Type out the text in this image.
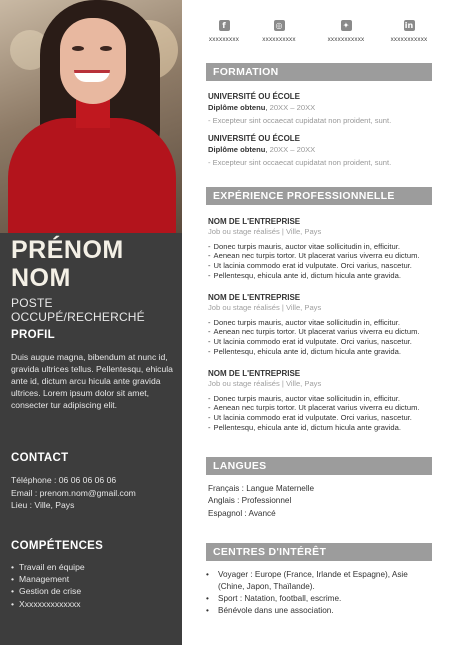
PRÉNOM
NOM
POSTE OCCUPÉ/RECHERCHÉ
PROFIL
Duis augue magna, bibendum at nunc id, gravida ultrices tellus. Pellentesqu, ehicula ante id, dictum arcu hicula ante gravida ultrices. Lorem ipsum dolor sit amet, consecter tur adipiscing elit.
CONTACT
Téléphone : 06 06 06 06 06
Email : prenom.nom@gmail.com
Lieu : Ville, Pays
COMPÉTENCES
• Travail en équipe
• Management
• Gestion de crise
• Xxxxxxxxxxxxxx
f
xxxxxxxxx
◎
xxxxxxxxxx
✦
xxxxxxxxxxx
in
xxxxxxxxxxx
FORMATION
UNIVERSITÉ OU ÉCOLE
Diplôme obtenu, 20XX – 20XX
- Excepteur sint occaecat cupidatat non proident, sunt.
UNIVERSITÉ OU ÉCOLE
Diplôme obtenu, 20XX – 20XX
- Excepteur sint occaecat cupidatat non proident, sunt.
EXPÉRIENCE PROFESSIONNELLE
NOM DE L'ENTREPRISE
Job ou stage réalisés | Ville, Pays
- Donec turpis mauris, auctor vitae sollicitudin in, efficitur.
- Aenean nec turpis tortor. Ut placerat varius viverra eu dictum.
- Ut lacinia commodo erat id vulputate. Orci varius, nascetur.
- Pellentesqu, ehicula ante id, dictum hicula ante gravida.
NOM DE L'ENTREPRISE
Job ou stage réalisés | Ville, Pays
- Donec turpis mauris, auctor vitae sollicitudin in, efficitur.
- Aenean nec turpis tortor. Ut placerat varius viverra eu dictum.
- Ut lacinia commodo erat id vulputate. Orci varius, nascetur.
- Pellentesqu, ehicula ante id, dictum hicula ante gravida.
NOM DE L'ENTREPRISE
Job ou stage réalisés | Ville, Pays
- Donec turpis mauris, auctor vitae sollicitudin in, efficitur.
- Aenean nec turpis tortor. Ut placerat varius viverra eu dictum.
- Ut lacinia commodo erat id vulputate. Orci varius, nascetur.
- Pellentesqu, ehicula ante id, dictum hicula ante gravida.
LANGUES
Français : Langue Maternelle
Anglais : Professionnel
Espagnol : Avancé
CENTRES D'INTÉRÊT
• Voyager : Europe (France, Irlande et Espagne), Asie (Chine, Japon, Thaïlande).
• Sport : Natation, football, escrime.
• Bénévole dans une association.
